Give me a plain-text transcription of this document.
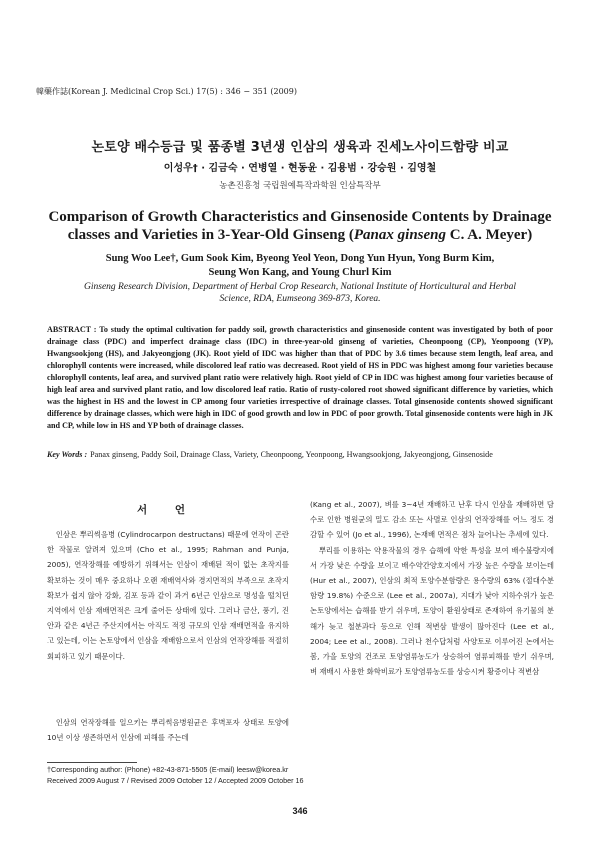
韓藥作誌(Korean J. Medicinal Crop Sci.) 17(5) : 346 − 351 (2009)
논토양 배수등급 및 품종별 3년생 인삼의 생육과 진세노사이드함량 비교
이성우† · 김금숙 · 연병열 · 현동윤 · 김용범 · 강승원 · 김영철
농촌진흥청 국립원예특작과학원 인삼특작부
Comparison of Growth Characteristics and Ginsenoside Contents by Drainage
classes and Varieties in 3-Year-Old Ginseng (Panax ginseng C. A. Meyer)
Sung Woo Lee†, Gum Sook Kim, Byeong Yeol Yeon, Dong Yun Hyun, Yong Burm Kim,
Seung Won Kang, and Young Churl Kim
Ginseng Research Division, Department of Herbal Crop Research, National Institute of Horticultural and Herbal
Science, RDA, Eumseong 369-873, Korea.
ABSTRACT : To study the optimal cultivation for paddy soil, growth characteristics and ginsenoside content was investigated by both of poor drainage class (PDC) and imperfect drainage class (IDC) in three-year-old ginseng of varieties, Cheonpoong (CP), Yeonpoong (YP), Hwangsookjong (HS), and Jakyeongjong (JK). Root yield of IDC was higher than that of PDC by 3.6 times because stem length, leaf area, and chlorophyll contents were increased, while discolored leaf ratio was decreased. Root yield of HS in PDC was highest among four varieties because chlorophyll contents, leaf area, and survived plant ratio were relatively high. Root yield of CP in IDC was highest among four varieties because of high leaf area and survived plant ratio, and low discolored leaf ratio. Ratio of rusty-colored root showed significant difference by varieties, which was the highest in HS and the lowest in CP among four varieties irrespective of drainage classes. Total ginsenoside contents showed significant difference by drainage classes, which were high in IDC of good growth and low in PDC of poor growth. Total ginsenoside contents were high in JK and CP, while low in HS and YP both of drainage classes.
Key Words : Panax ginseng, Paddy Soil, Drainage Class, Variety, Cheonpoong, Yeonpoong, Hwangsookjong, Jakyeongjong, Ginsenoside
서 언

인삼은 뿌리썩음병 (Cylindrocarpon destructans) 때문에 연작이 곤란한 작물로 알려져 있으며 (Cho et al., 1995; Rahman and Punja, 2005), 연작장해를 예방하기 위해서는 인삼이 재배된 적이 없는 초작지를 확보하는 것이 매우 중요하나 오랜 재배역사와 경지면적의 부족으로 초작지 확보가 쉽지 않아 강화, 김포 등과 같이 과거 6년근 인삼으로 명성을 떨치던 지역에서 인삼 재배면적은 크게 줄어든 상태에 있다. 그러나 금산, 풍기, 진안과 같은 4년근 주산지에서는 아직도 적정 규모의 인삼 재배면적을 유지하고 있는데, 이는 논토양에서 인삼을 재배함으로서 인삼의 연작장해를 적절히 회피하고 있기 때문이다.

인삼의 연작장해를 일으키는 뿌리썩음병원균은 후벽포자 상태로 토양에 10년 이상 생존하면서 인삼에 피해를 주는데

(Kang et al., 2007), 벼를 3~4년 재배하고 난후 다시 인삼을 재배하면 담수로 인한 병원균의 밀도 감소 또는 사멸로 인삼의 연작장해를 어느 정도 경감할 수 있어 (Jo et al., 1996), 논재배 면적은 점차 늘어나는 추세에 있다.

뿌리를 이용하는 약용작물의 경우 습해에 약한 특성을 보여 배수불량지에서 가장 낮은 수량을 보이고 배수약간양호지에서 가장 높은 수량을 보이는데 (Hur et al., 2007), 인삼의 최적 토양수분함량은 용수량의 63% (절대수분함량 19.8%) 수준으로 (Lee et al., 2007a), 지대가 낮아 지하수위가 높은 논토양에서는 습해를 받기 쉬우며, 토양이 환원상태로 존재하여 유기물의 분해가 늦고 철분과다 등으로 인해 적변삼 발생이 많아진다 (Lee et al., 2004; Lee et al., 2008). 그러나 천수답처럼 사양토로 이루어진 논에서는 봄, 가을 토양의 건조로 토양염류농도가 상승하여 염류피해를 받기 쉬우며, 벼 재배시 사용한 화학비료가 토양염류농도를 상승시켜 황증이나 적변삼

†Corresponding author: (Phone) +82-43-871-5505 (E-mail) leesw@korea.kr
Received 2009 August 7 / Revised 2009 October 12 / Accepted 2009 October 16
346
